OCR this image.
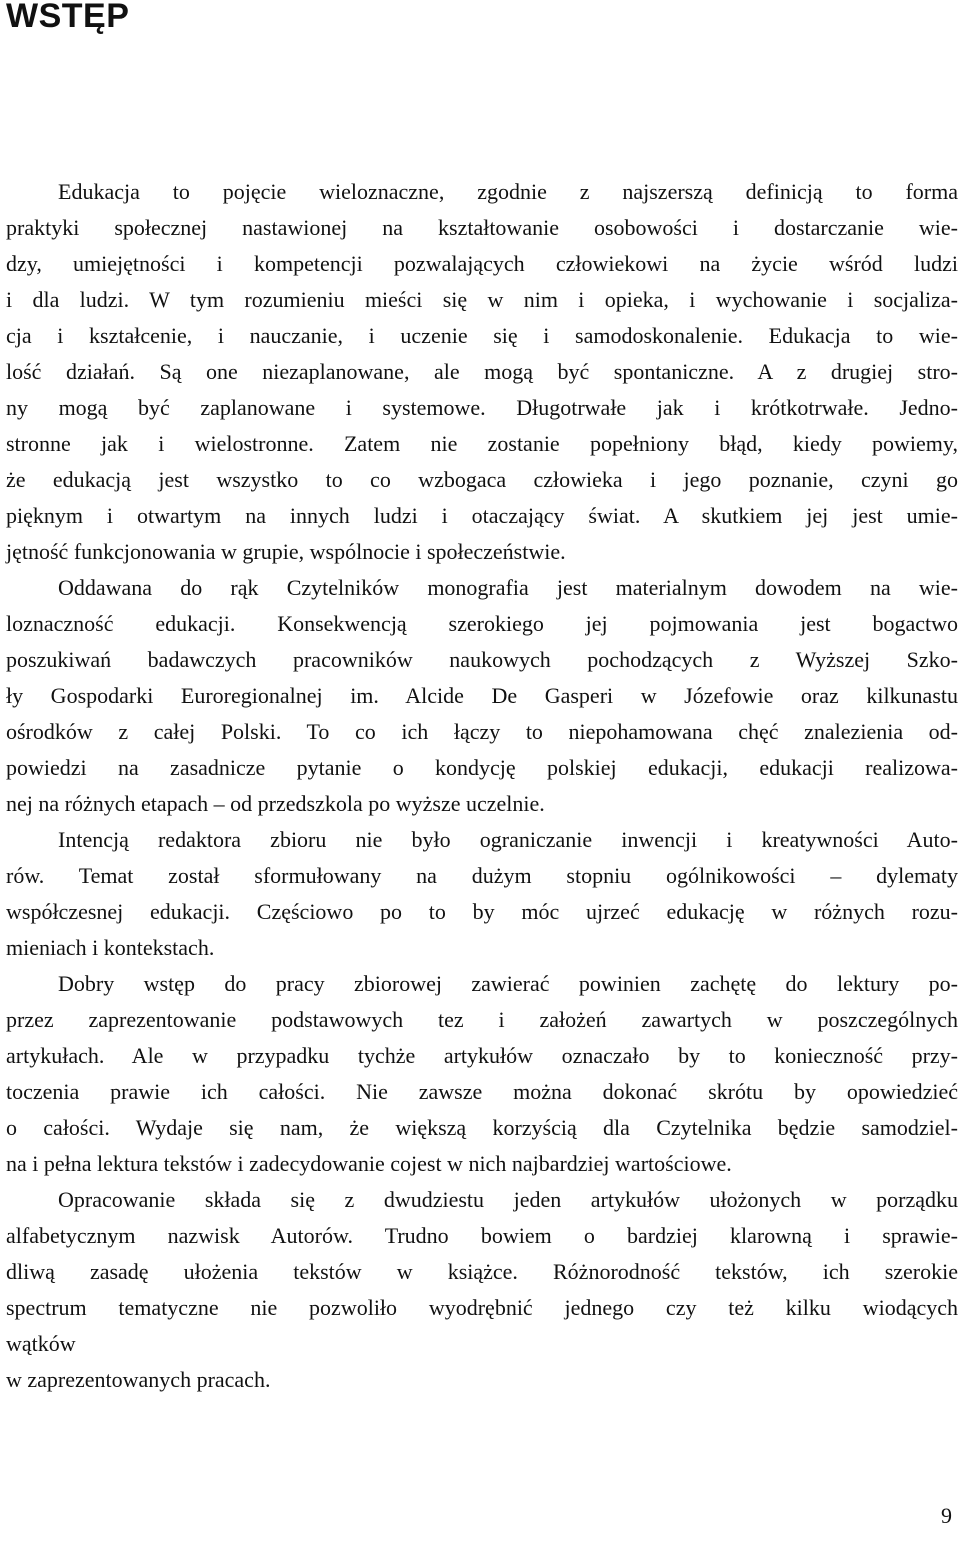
WSTĘP

Edukacja to pojęcie wieloznaczne, zgodnie z najszerszą definicją to forma
praktyki społecznej nastawionej na kształtowanie osobowości i dostarczanie wie-
dzy, umiejętności i kompetencji pozwalających człowiekowi na życie wśród ludzi
i dla ludzi. W tym rozumieniu mieści się w nim i opieka, i wychowanie i socjaliza-
cja i kształcenie, i nauczanie, i uczenie się i samodoskonalenie. Edukacja to wie-
lość działań. Są one niezaplanowane, ale mogą być spontaniczne. A z drugiej stro-
ny mogą być zaplanowane i systemowe. Długotrwałe jak i krótkotrwałe. Jedno-
stronne jak i wielostronne. Zatem nie zostanie popełniony błąd, kiedy powiemy,
że edukacją jest wszystko to co wzbogaca człowieka i jego poznanie, czyni go
pięknym i otwartym na innych ludzi i otaczający świat. A skutkiem jej jest umie-
jętność funkcjonowania w grupie, wspólnocie i społeczeństwie.

Oddawana do rąk Czytelników monografia jest materialnym dowodem na wie-
loznaczność edukacji. Konsekwencją szerokiego jej pojmowania jest bogactwo
poszukiwań badawczych pracowników naukowych pochodzących z Wyższej Szko-
ły Gospodarki Euroregionalnej im. Alcide De Gasperi w Józefowie oraz kilkunastu
ośrodków z całej Polski. To co ich łączy to niepohamowana chęć znalezienia od-
powiedzi na zasadnicze pytanie o kondycję polskiej edukacji, edukacji realizowa-
nej na różnych etapach – od przedszkola po wyższe uczelnie.

Intencją redaktora zbioru nie było ograniczanie inwencji i kreatywności Auto-
rów. Temat został sformułowany na dużym stopniu ogólnikowości – dylematy
współczesnej edukacji. Częściowo po to by móc ujrzeć edukację w różnych rozu-
mieniach i kontekstach.

Dobry wstęp do pracy zbiorowej zawierać powinien zachętę do lektury po-
przez zaprezentowanie podstawowych tez i założeń zawartych w poszczególnych
artykułach. Ale w przypadku tychże artykułów oznaczało by to konieczność przy-
toczenia prawie ich całości. Nie zawsze można dokonać skrótu by opowiedzieć
o całości. Wydaje się nam, że większą korzyścią dla Czytelnika będzie samodziel-
na i pełna lektura tekstów i zadecydowanie cojest w nich najbardziej wartościowe.

Opracowanie składa się z dwudziestu jeden artykułów ułożonych w porządku
alfabetycznym nazwisk Autorów. Trudno bowiem o bardziej klarowną i sprawie-
dliwą zasadę ułożenia tekstów w książce. Różnorodność tekstów, ich szerokie
spectrum tematyczne nie pozwoliło wyodrębnić jednego czy też kilku wiodących
wątków
w zaprezentowanych pracach.

9
